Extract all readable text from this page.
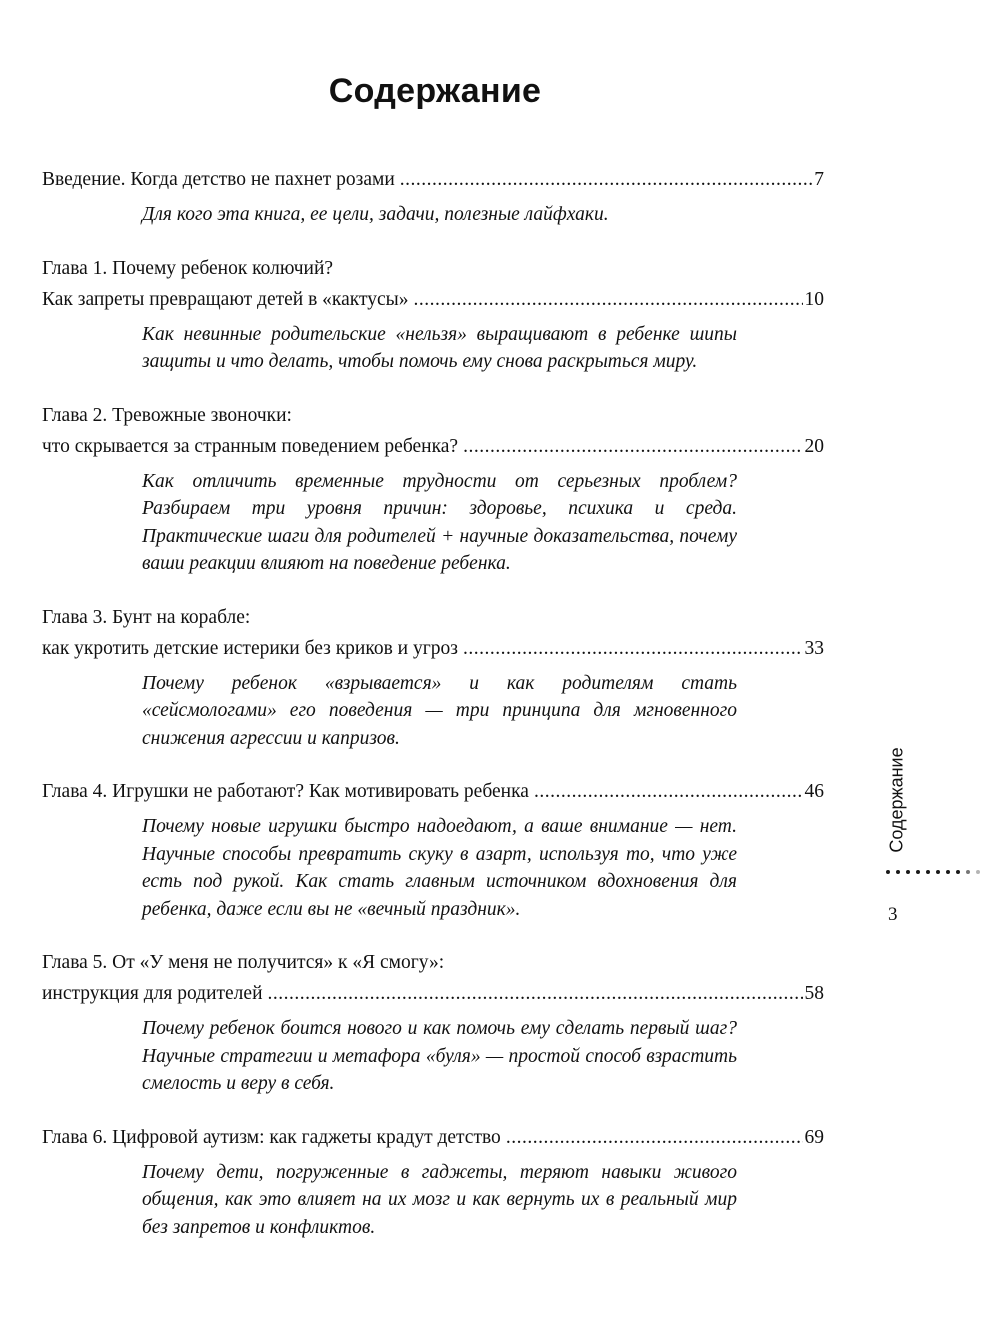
Содержание
Введение. Когда детство не пахнет розами .....	7

Для кого эта книга, ее цели, задачи, полезные лайфхаки.

Глава 1. Почему ребенок колючий?
Как запреты превращают детей в «кактусы» .....	10

Как невинные родительские «нельзя» выращивают в ребенке шипы защиты и что делать, чтобы помочь ему снова раскрыться миру.

Глава 2. Тревожные звоночки:
что скрывается за странным поведением ребенка? .....	20

Как отличить временные трудности от серьезных проблем? Разбираем три уровня причин: здоровье, психика и среда. Практические шаги для родителей + научные доказательства, почему ваши реакции влияют на поведение ребенка.

Глава 3. Бунт на корабле:
как укротить детские истерики без криков и угроз .....	33

Почему ребенок «взрывается» и как родителям стать «сейсмологами» его поведения — три принципа для мгновенного снижения агрессии и капризов.

Глава 4. Игрушки не работают? Как мотивировать ребенка .....	46

Почему новые игрушки быстро надоедают, а ваше внимание — нет. Научные способы превратить скуку в азарт, используя то, что уже есть под рукой. Как стать главным источником вдохновения для ребенка, даже если вы не «вечный праздник».

Глава 5. От «У меня не получится» к «Я смогу»:
инструкция для родителей .....	58

Почему ребенок боится нового и как помочь ему сделать первый шаг? Научные стратегии и метафора «буля» — простой способ взрастить смелость и веру в себя.

Глава 6. Цифровой аутизм: как гаджеты крадут детство .....	69

Почему дети, погруженные в гаджеты, теряют навыки живого общения, как это влияет на их мозг и как вернуть их в реальный мир без запретов и конфликтов.

Содержание
3
